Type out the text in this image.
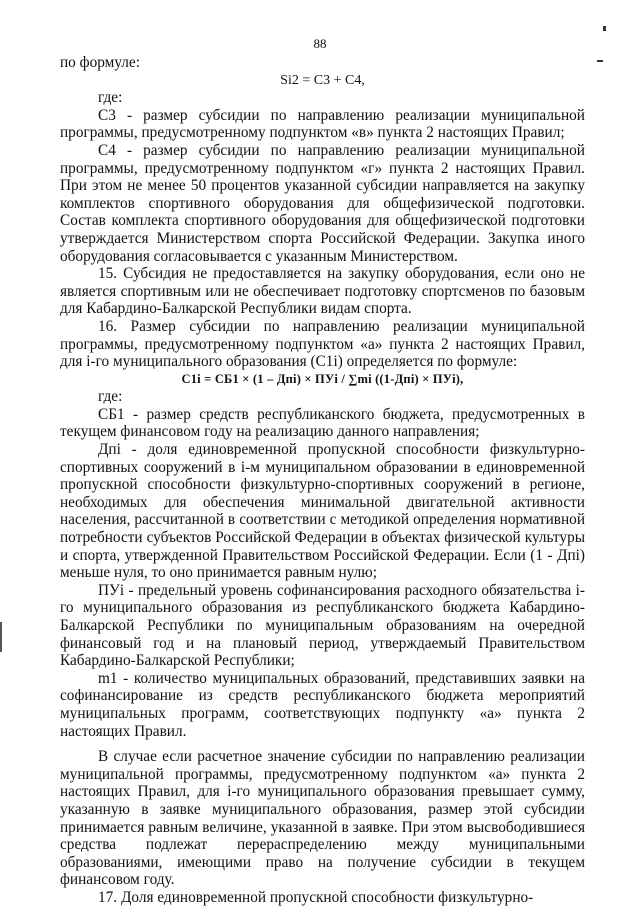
88

по формуле:

Si2 = С3 + С4,

где:

С3 - размер субсидии по направлению реализации муниципальной программы, предусмотренному подпунктом «в» пункта 2 настоящих Правил;

С4 - размер субсидии по направлению реализации муниципальной программы, предусмотренному подпунктом «г» пункта 2 настоящих Правил. При этом не менее 50 процентов указанной субсидии направляется на закупку комплектов спортивного оборудования для общефизической подготовки. Состав комплекта спортивного оборудования для общефизической подготовки утверждается Министерством спорта Российской Федерации. Закупка иного оборудования согласовывается с указанным Министерством.

15. Субсидия не предоставляется на закупку оборудования, если оно не является спортивным или не обеспечивает подготовку спортсменов по базовым для Кабардино-Балкарской Республики видам спорта.

16. Размер субсидии по направлению реализации муниципальной программы, предусмотренному подпунктом «а» пункта 2 настоящих Правил, для i-го муниципального образования (С1i) определяется по формуле:

С1i = СБ1 × (1 – Дпi) × ПУi / ∑mi ((1-Дпi) × ПУi),

где:

СБ1 - размер средств республиканского бюджета, предусмотренных в текущем финансовом году на реализацию данного направления;

Дпi - доля единовременной пропускной способности физкультурно-спортивных сооружений в i-м муниципальном образовании в единовременной пропускной способности физкультурно-спортивных сооружений в регионе, необходимых для обеспечения минимальной двигательной активности населения, рассчитанной в соответствии с методикой определения нормативной потребности субъектов Российской Федерации в объектах физической культуры и спорта, утвержденной Правительством Российской Федерации. Если (1 - Дпi) меньше нуля, то оно принимается равным нулю;

ПУi - предельный уровень софинансирования расходного обязательства i-го муниципального образования из республиканского бюджета Кабардино-Балкарской Республики по муниципальным образованиям на очередной финансовый год и на плановый период, утверждаемый Правительством Кабардино-Балкарской Республики;

m1 - количество муниципальных образований, представивших заявки на софинансирование из средств республиканского бюджета мероприятий муниципальных программ, соответствующих подпункту «а» пункта 2 настоящих Правил.

В случае если расчетное значение субсидии по направлению реализации муниципальной программы, предусмотренному подпунктом «а» пункта 2 настоящих Правил, для i-го муниципального образования превышает сумму, указанную в заявке муниципального образования, размер этой субсидии принимается равным величине, указанной в заявке. При этом высвободившиеся средства подлежат перераспределению между муниципальными образованиями, имеющими право на получение субсидии в текущем финансовом году.

17. Доля единовременной пропускной способности физкультурно-
